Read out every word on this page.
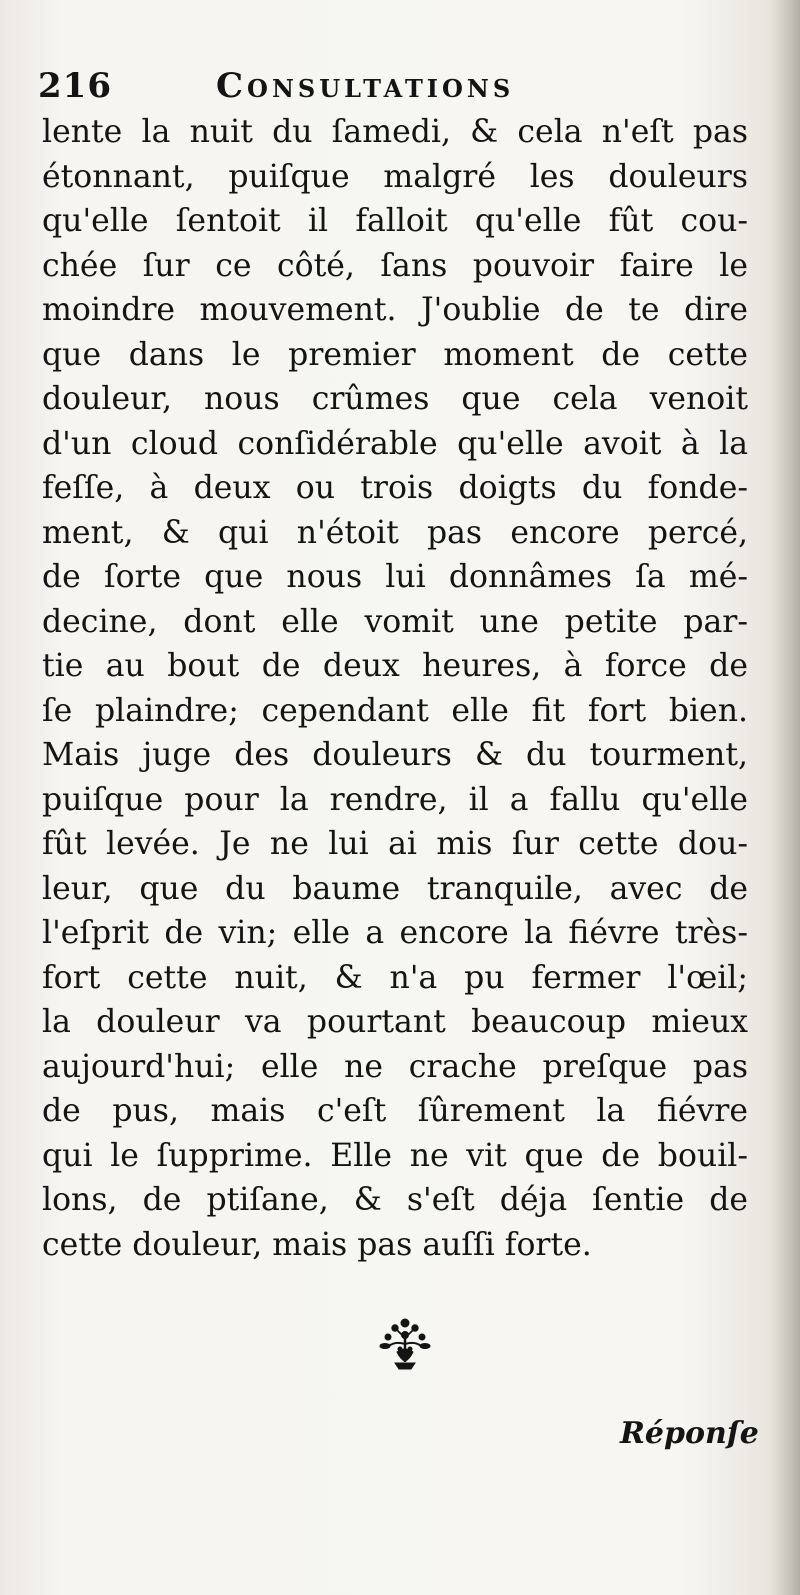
216	Consultations
lente la nuit du ſamedi, & cela n'eſt pas
étonnant, puiſque malgré les douleurs
qu'elle ſentoit il falloit qu'elle fût cou-
chée ſur ce côté, ſans pouvoir faire le
moindre mouvement. J'oublie de te dire
que dans le premier moment de cette
douleur, nous crûmes que cela venoit
d'un cloud conſidérable qu'elle avoit à la
feſſe, à deux ou trois doigts du fonde-
ment, & qui n'étoit pas encore percé,
de ſorte que nous lui donnâmes ſa mé-
decine, dont elle vomit une petite par-
tie au bout de deux heures, à force de
ſe plaindre; cependant elle fit fort bien.
Mais juge des douleurs & du tourment,
puiſque pour la rendre, il a fallu qu'elle
fût levée. Je ne lui ai mis ſur cette dou-
leur, que du baume tranquile, avec de
l'eſprit de vin; elle a encore la fiévre très-
fort cette nuit, & n'a pu fermer l'œil;
la douleur va pourtant beaucoup mieux
aujourd'hui; elle ne crache preſque pas
de pus, mais c'eſt ſûrement la fiévre
qui le ſupprime. Elle ne vit que de bouil-
lons, de ptiſane, & s'eſt déja ſentie de
cette douleur, mais pas auſſi forte.
Réponſe
